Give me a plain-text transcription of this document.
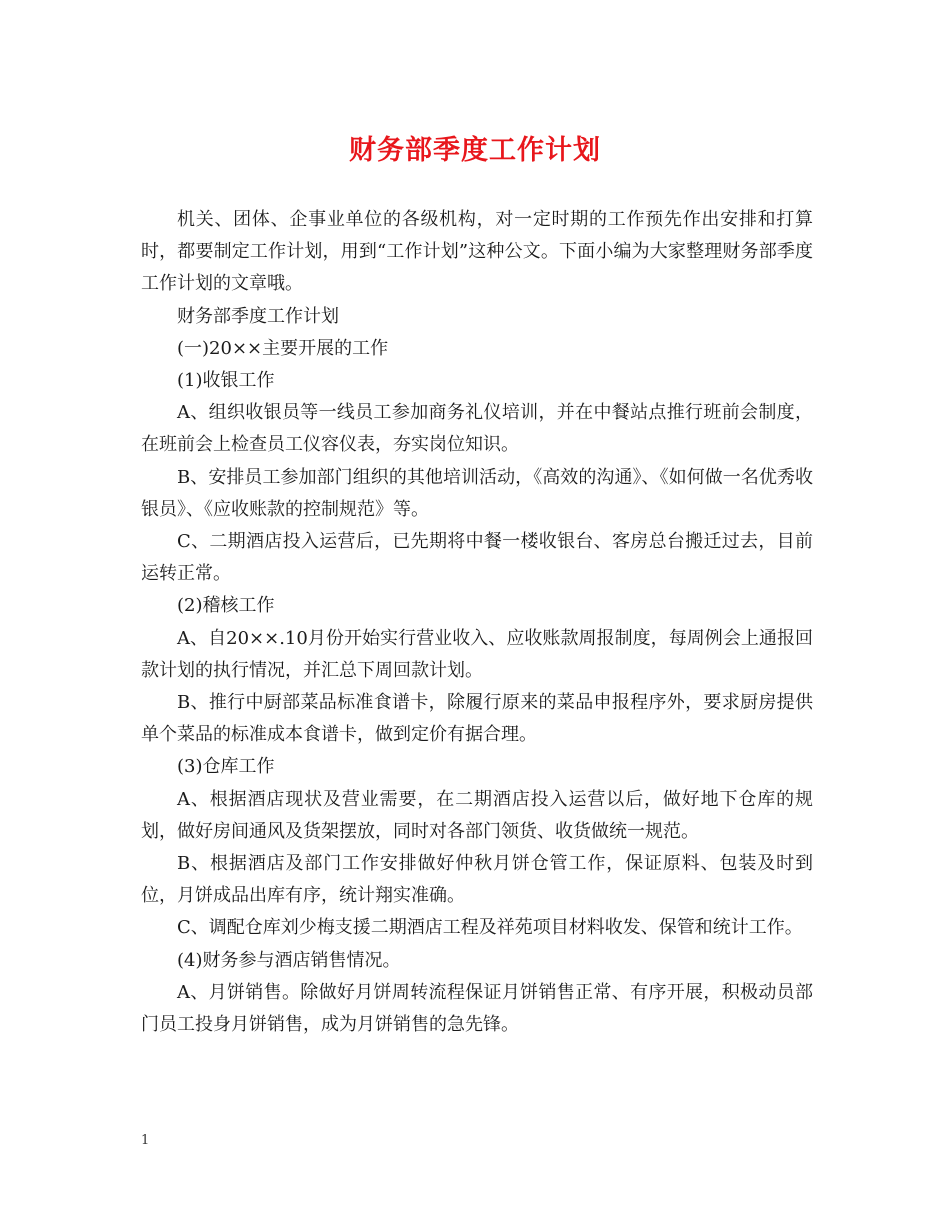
财务部季度工作计划

机关、团体、企事业单位的各级机构，对一定时期的工作预先作出安排和打算时，都要制定工作计划，用到“工作计划”这种公文。下面小编为大家整理财务部季度工作计划的文章哦。

财务部季度工作计划

(一)20××主要开展的工作

(1)收银工作

A、组织收银员等一线员工参加商务礼仪培训，并在中餐站点推行班前会制度，在班前会上检查员工仪容仪表，夯实岗位知识。

B、安排员工参加部门组织的其他培训活动，《高效的沟通》、《如何做一名优秀收银员》、《应收账款的控制规范》等。

C、二期酒店投入运营后，已先期将中餐一楼收银台、客房总台搬迁过去，目前运转正常。

(2)稽核工作

A、自20××.10月份开始实行营业收入、应收账款周报制度，每周例会上通报回款计划的执行情况，并汇总下周回款计划。

B、推行中厨部菜品标准食谱卡，除履行原来的菜品申报程序外，要求厨房提供单个菜品的标准成本食谱卡，做到定价有据合理。

(3)仓库工作

A、根据酒店现状及营业需要，在二期酒店投入运营以后，做好地下仓库的规划，做好房间通风及货架摆放，同时对各部门领货、收货做统一规范。

B、根据酒店及部门工作安排做好仲秋月饼仓管工作，保证原料、包装及时到位，月饼成品出库有序，统计翔实准确。

C、调配仓库刘少梅支援二期酒店工程及祥苑项目材料收发、保管和统计工作。

(4)财务参与酒店销售情况。

A、月饼销售。除做好月饼周转流程保证月饼销售正常、有序开展，积极动员部门员工投身月饼销售，成为月饼销售的急先锋。

1
